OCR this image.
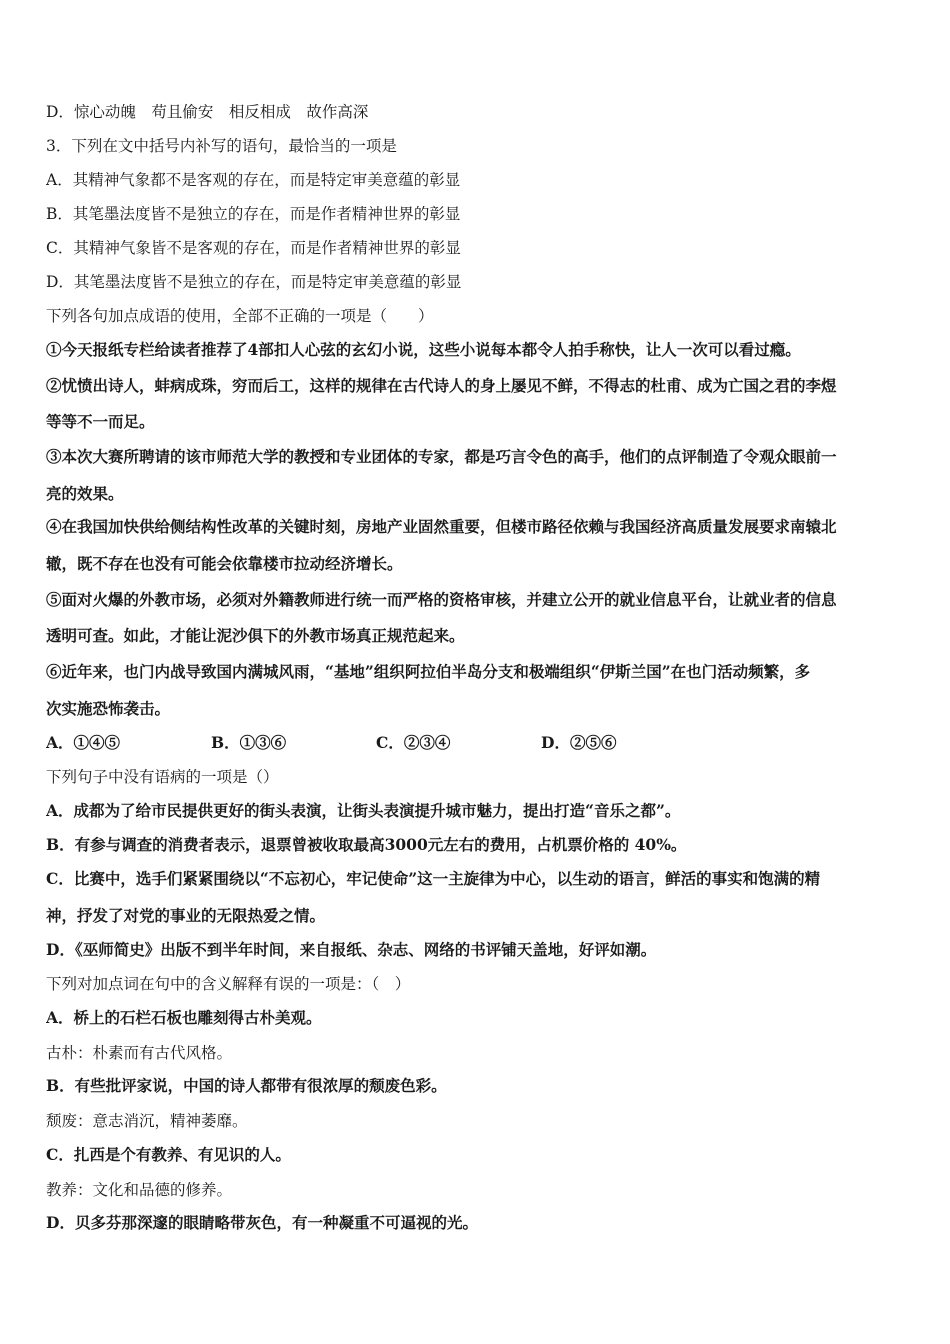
D．惊心动魄　苟且偷安　相反相成　故作高深
3．下列在文中括号内补写的语句，最恰当的一项是
A．其精神气象都不是客观的存在，而是特定审美意蕴的彰显
B．其笔墨法度皆不是独立的存在，而是作者精神世界的彰显
C．其精神气象皆不是客观的存在，而是作者精神世界的彰显
D．其笔墨法度皆不是独立的存在，而是特定审美意蕴的彰显
下列各句加点成语的使用，全部不正确的一项是（　　）
①今天报纸专栏给读者推荐了4部扣人心弦的玄幻小说，这些小说每本都令人拍手称快，让人一次可以看过瘾。
②忧愤出诗人，蚌病成珠，穷而后工，这样的规律在古代诗人的身上屡见不鲜，不得志的杜甫、成为亡国之君的李煜
等等不一而足。
③本次大赛所聘请的该市师范大学的教授和专业团体的专家，都是巧言令色的高手，他们的点评制造了令观众眼前一
亮的效果。
④在我国加快供给侧结构性改革的关键时刻，房地产业固然重要，但楼市路径依赖与我国经济高质量发展要求南辕北
辙，既不存在也没有可能会依靠楼市拉动经济增长。
⑤面对火爆的外教市场，必须对外籍教师进行统一而严格的资格审核，并建立公开的就业信息平台，让就业者的信息
透明可查。如此，才能让泥沙俱下的外教市场真正规范起来。
⑥近年来，也门内战导致国内满城风雨，“基地”组织阿拉伯半岛分支和极端组织“伊斯兰国”在也门活动频繁，多
次实施恐怖袭击。
A．①④⑤	B．①③⑥	C．②③④	D．②⑤⑥
下列句子中没有语病的一项是（）
A．成都为了给市民提供更好的街头表演，让街头表演提升城市魅力，提出打造“音乐之都”。
B．有参与调查的消费者表示，退票曾被收取最高3000元左右的费用，占机票价格的 40%。
C．比赛中，选手们紧紧围绕以“不忘初心，牢记使命”这一主旋律为中心，以生动的语言，鲜活的事实和饱满的精
神，抒发了对党的事业的无限热爱之情。
D．《巫师简史》出版不到半年时间，来自报纸、杂志、网络的书评铺天盖地，好评如潮。
下列对加点词在句中的含义解释有误的一项是：（　）
A．桥上的石栏石板也雕刻得古朴美观。
古朴：朴素而有古代风格。
B．有些批评家说，中国的诗人都带有很浓厚的颓废色彩。
颓废：意志消沉，精神萎靡。
C．扎西是个有教养、有见识的人。
教养：文化和品德的修养。
D．贝多芬那深邃的眼睛略带灰色，有一种凝重不可逼视的光。
